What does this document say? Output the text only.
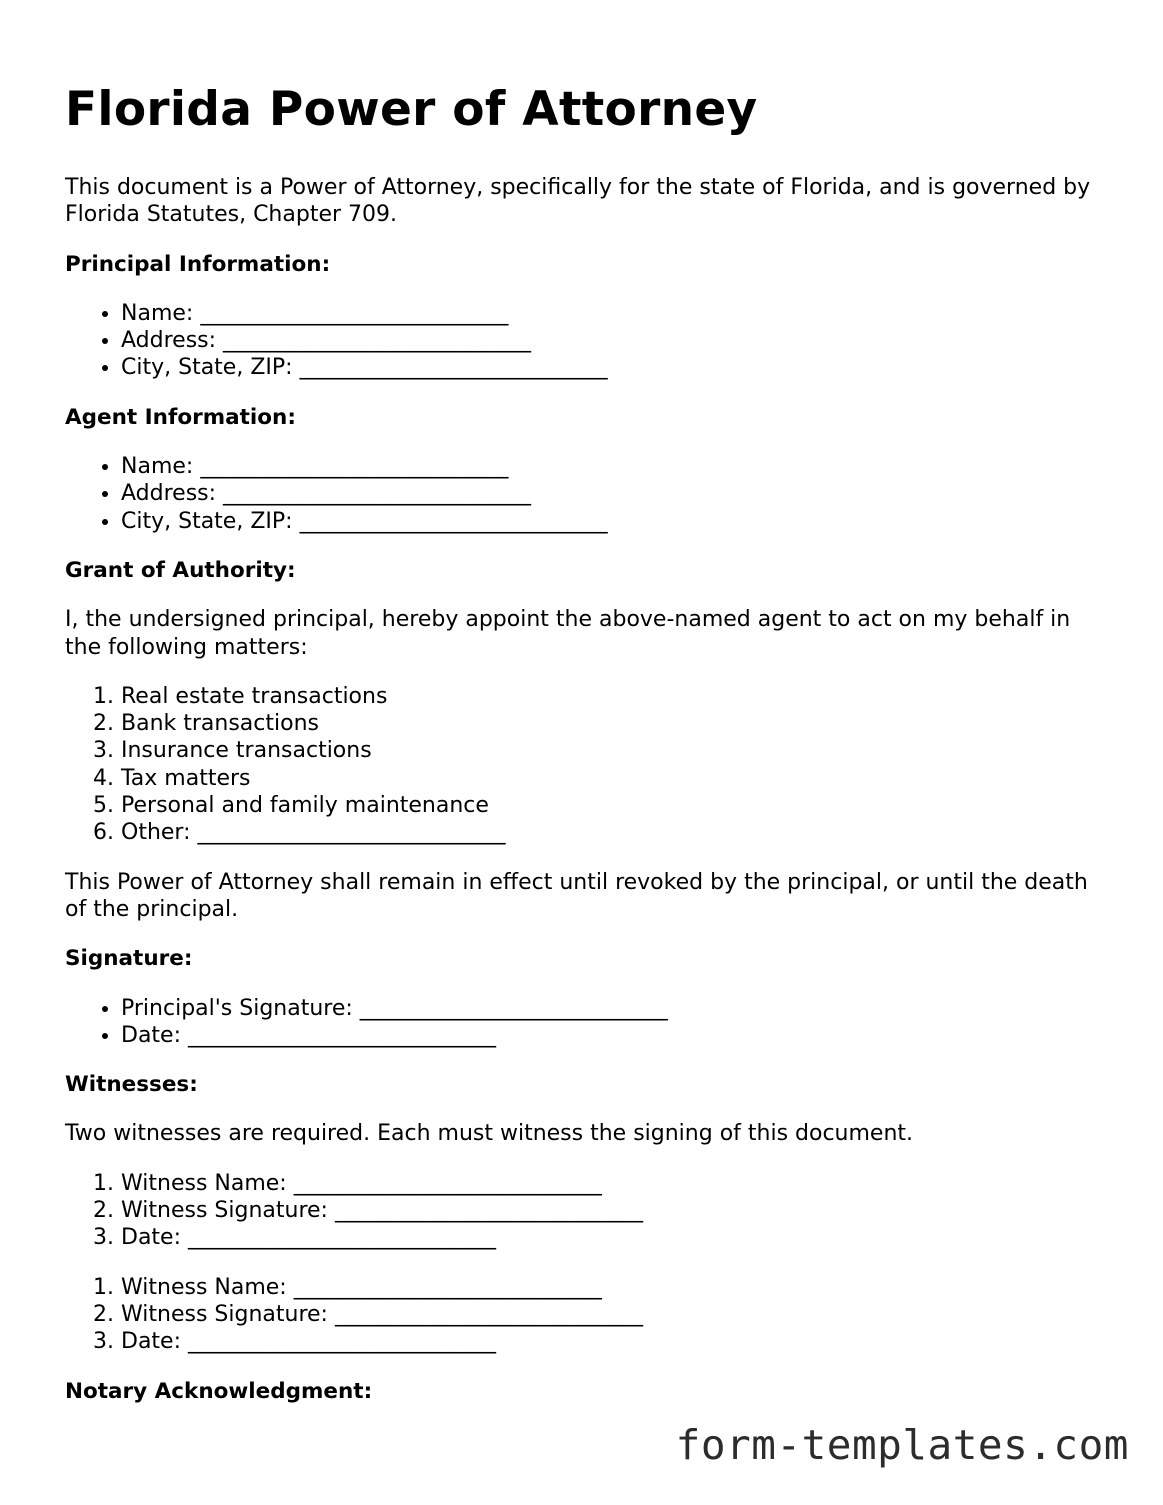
Florida Power of Attorney

This document is a Power of Attorney, specifically for the state of Florida, and is governed by Florida Statutes, Chapter 709.

Principal Information:
• Name: ____________________________
• Address: ____________________________
• City, State, ZIP: ____________________________
Agent Information:
• Name: ____________________________
• Address: ____________________________
• City, State, ZIP: ____________________________
Grant of Authority:

I, the undersigned principal, hereby appoint the above-named agent to act on my behalf in the following matters:

1. Real estate transactions
2. Bank transactions
3. Insurance transactions
4. Tax matters
5. Personal and family maintenance
6. Other: ____________________________

This Power of Attorney shall remain in effect until revoked by the principal, or until the death of the principal.

Signature:
• Principal's Signature: ____________________________
• Date: ____________________________
Witnesses:

Two witnesses are required. Each must witness the signing of this document.

1. Witness Name: ____________________________
2. Witness Signature: ____________________________
3. Date: ____________________________
1. Witness Name: ____________________________
2. Witness Signature: ____________________________
3. Date: ____________________________
Notary Acknowledgment:
form-templates.com
